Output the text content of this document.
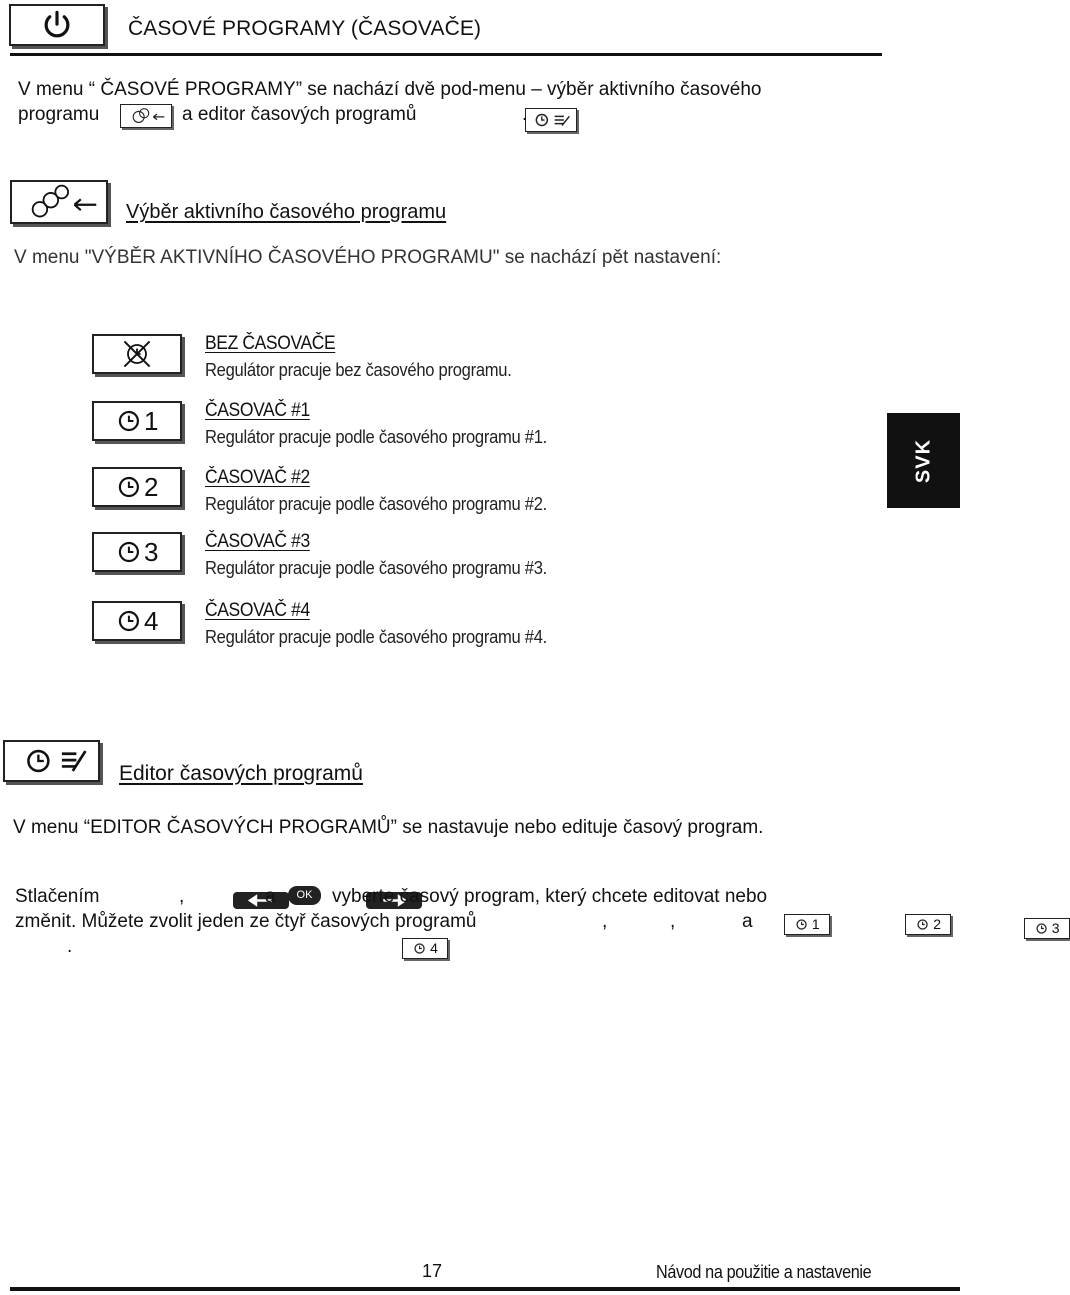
ČASOVÉ PROGRAMY (ČASOVAČE)
V menu “ ČASOVÉ PROGRAMY” se nachází dvě pod-menu – výběr aktivního časového
programu
	a editor časových programů
	.
Výběr aktivního časového programu
V menu "VÝBĚR AKTIVNÍHO ČASOVÉHO PROGRAMU" se nachází pět nastavení:
BEZ ČASOVAČE
Regulátor pracuje bez časového programu.
1 ČASOVAČ #1
Regulátor pracuje podle časového programu #1.
2 ČASOVAČ #2
Regulátor pracuje podle časového programu #2.
3 ČASOVAČ #3
Regulátor pracuje podle časového programu #3.
4 ČASOVAČ #4
Regulátor pracuje podle časového programu #4.
SVK
Editor časových programů
V menu “EDITOR ČASOVÝCH PROGRAMŮ” se nastavuje nebo edituje časový program.
Stlačením
	,
	a	OK	vyberte časový program, který chcete editovat nebo
změnit. Můžete zvolit jeden ze čtyř časových programů	1

,	2

,	3

a
4
.
17	Návod na použitie a nastavenie
